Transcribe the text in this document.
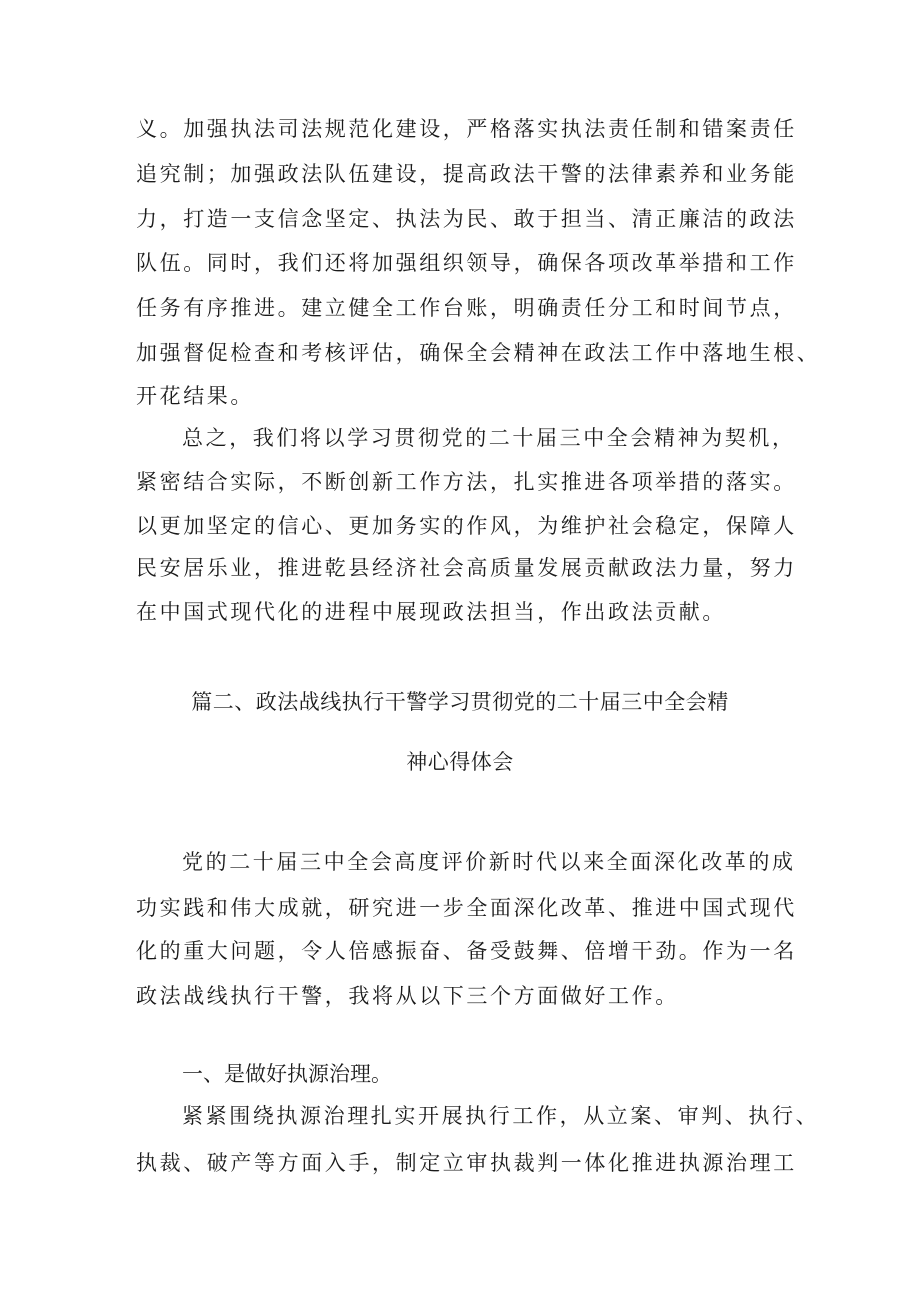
义。加强执法司法规范化建设，严格落实执法责任制和错案责任
追究制；加强政法队伍建设，提高政法干警的法律素养和业务能
力，打造一支信念坚定、执法为民、敢于担当、清正廉洁的政法
队伍。同时，我们还将加强组织领导，确保各项改革举措和工作
任务有序推进。建立健全工作台账，明确责任分工和时间节点，
加强督促检查和考核评估，确保全会精神在政法工作中落地生根、
开花结果。
总之，我们将以学习贯彻党的二十届三中全会精神为契机，
紧密结合实际，不断创新工作方法，扎实推进各项举措的落实。
以更加坚定的信心、更加务实的作风，为维护社会稳定，保障人
民安居乐业，推进乾县经济社会高质量发展贡献政法力量，努力
在中国式现代化的进程中展现政法担当，作出政法贡献。
篇二、政法战线执行干警学习贯彻党的二十届三中全会精
神心得体会
党的二十届三中全会高度评价新时代以来全面深化改革的成
功实践和伟大成就，研究进一步全面深化改革、推进中国式现代
化的重大问题，令人倍感振奋、备受鼓舞、倍增干劲。作为一名
政法战线执行干警，我将从以下三个方面做好工作。
一、是做好执源治理。
紧紧围绕执源治理扎实开展执行工作，从立案、审判、执行、
执裁、破产等方面入手，制定立审执裁判一体化推进执源治理工
